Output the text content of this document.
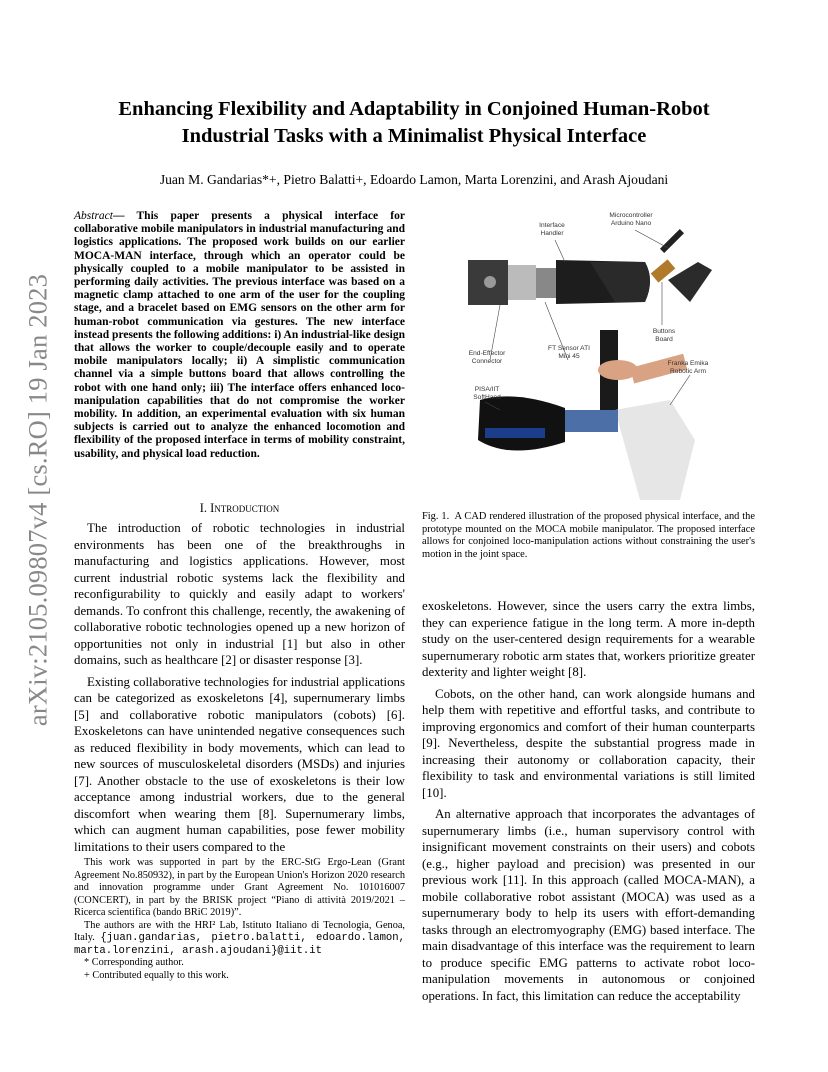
arXiv:2105.09807v4 [cs.RO] 19 Jan 2023
Enhancing Flexibility and Adaptability in Conjoined Human-Robot
Industrial Tasks with a Minimalist Physical Interface
Juan M. Gandarias*+, Pietro Balatti+, Edoardo Lamon, Marta Lorenzini, and Arash Ajoudani
Abstract— This paper presents a physical interface for collaborative mobile manipulators in industrial manufacturing and logistics applications. The proposed work builds on our earlier MOCA-MAN interface, through which an operator could be physically coupled to a mobile manipulator to be assisted in performing daily activities. The previous interface was based on a magnetic clamp attached to one arm of the user for the coupling stage, and a bracelet based on EMG sensors on the other arm for human-robot communication via gestures. The new interface instead presents the following additions: i) An industrial-like design that allows the worker to couple/decouple easily and to operate mobile manipulators locally; ii) A simplistic communication channel via a simple buttons board that allows controlling the robot with one hand only; iii) The interface offers enhanced loco-manipulation capabilities that do not compromise the worker mobility. In addition, an experimental evaluation with six human subjects is carried out to analyze the enhanced locomotion and flexibility of the proposed interface in terms of mobility constraint, usability, and physical load reduction.
I. Introduction

The introduction of robotic technologies in industrial environments has been one of the breakthroughs in manufacturing and logistics applications. However, most current industrial robotic systems lack the flexibility and reconfigurability to quickly and easily adapt to workers' demands. To confront this challenge, recently, the awakening of collaborative robotic technologies opened up a new horizon of opportunities not only in industrial [1] but also in other domains, such as healthcare [2] or disaster response [3].

Existing collaborative technologies for industrial applications can be categorized as exoskeletons [4], supernumerary limbs [5] and collaborative robotic manipulators (cobots) [6]. Exoskeletons can have unintended negative consequences such as reduced flexibility in body movements, which can lead to new sources of musculoskeletal disorders (MSDs) and injuries [7]. Another obstacle to the use of exoskeletons is their low acceptance among industrial workers, due to the general discomfort when wearing them [8]. Supernumerary limbs, which can augment human capabilities, pose fewer mobility limitations to their users compared to the

This work was supported in part by the ERC-StG Ergo-Lean (Grant Agreement No.850932), in part by the European Union's Horizon 2020 research and innovation programme under Grant Agreement No. 101016007 (CONCERT), in part by the BRISK project “Piano di attività 2019/2021 – Ricerca scientifica (bando BRiC 2019)”.

The authors are with the HRI² Lab, Istituto Italiano di Tecnologia, Genoa, Italy. {juan.gandarias, pietro.balatti, edoardo.lamon, marta.lorenzini, arash.ajoudani}@iit.it

* Corresponding author.

+ Contributed equally to this work.

Interface Handler
Microcontroller Arduino Nano
Buttons Board
End-Effector Connector
FT Sensor ATI Mini 45
Franka Emika Robotic Arm
PISA/IIT SoftHand
Fig. 1. A CAD rendered illustration of the proposed physical interface, and the prototype mounted on the MOCA mobile manipulator. The proposed interface allows for conjoined loco-manipulation actions without constraining the user's motion in the joint space.

exoskeletons. However, since the users carry the extra limbs, they can experience fatigue in the long term. A more in-depth study on the user-centered design requirements for a wearable supernumerary robotic arm states that, workers prioritize greater dexterity and lighter weight [8].

Cobots, on the other hand, can work alongside humans and help them with repetitive and effortful tasks, and contribute to improving ergonomics and comfort of their human counterparts [9]. Nevertheless, despite the substantial progress made in increasing their autonomy or collaboration capacity, their flexibility to task and environmental variations is still limited [10].

An alternative approach that incorporates the advantages of supernumerary limbs (i.e., human supervisory control with insignificant movement constraints on their users) and cobots (e.g., higher payload and precision) was presented in our previous work [11]. In this approach (called MOCA-MAN), a mobile collaborative robot assistant (MOCA) was used as a supernumerary body to help its users with effort-demanding tasks through an electromyography (EMG) based interface. The main disadvantage of this interface was the requirement to learn to produce specific EMG patterns to activate robot loco-manipulation movements in autonomous or conjoined operations. In fact, this limitation can reduce the acceptability
